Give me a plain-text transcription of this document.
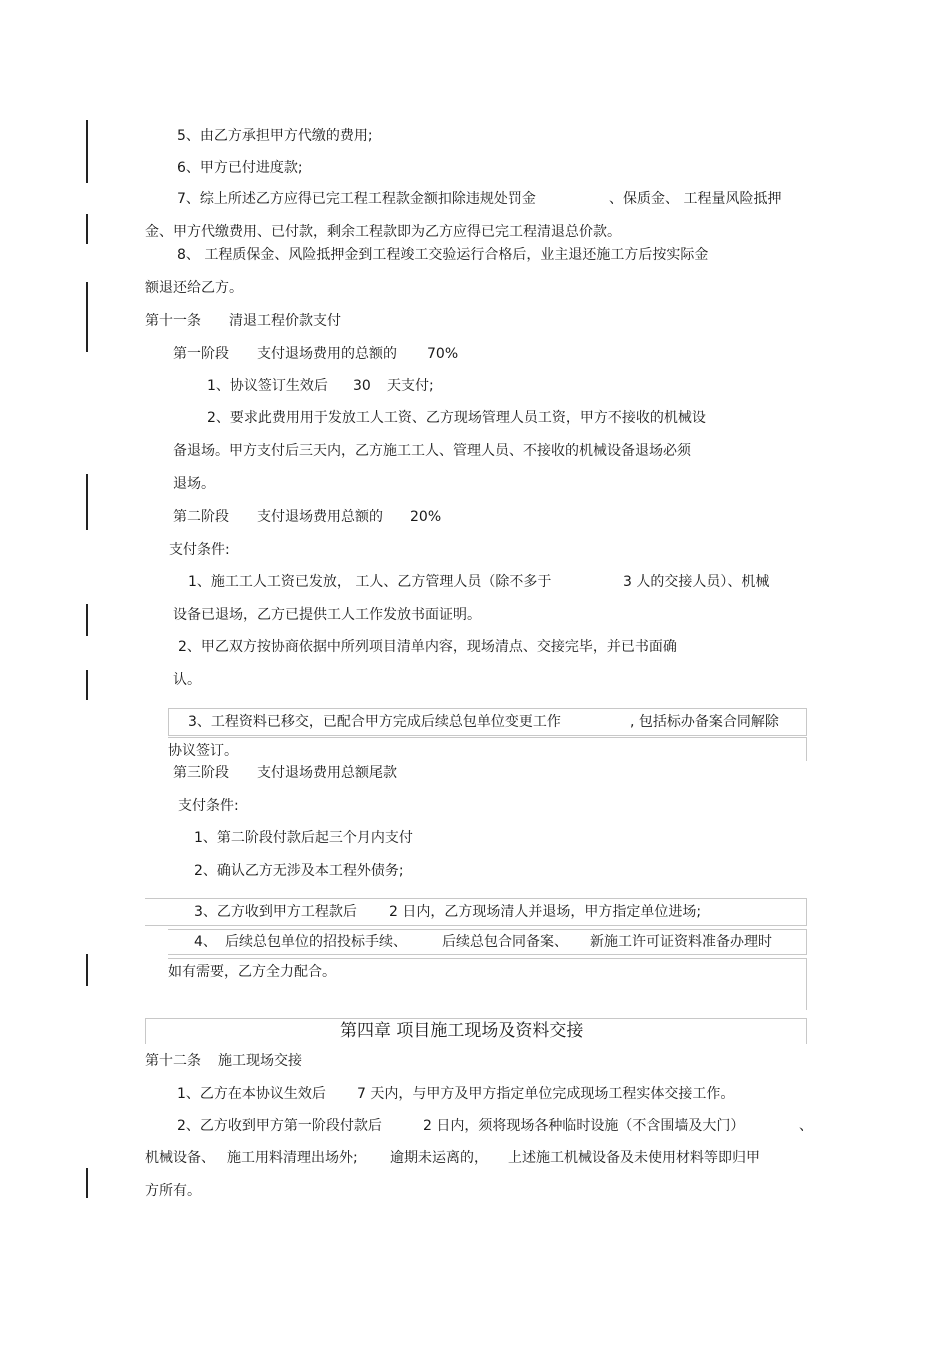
5、由乙方承担甲方代缴的费用;
6、甲方已付进度款;
7、综上所述乙方应得已完工程工程款金额扣除违规处罚金	、保质金、 工程量风险抵押
金、甲方代缴费用、已付款，剩余工程款即为乙方应得已完工程清退总价款。
8、 工程质保金、风险抵押金到工程竣工交验运行合格后，业主退还施工方后按实际金
额退还给乙方。
第十一条 清退工程价款支付
第一阶段 支付退场费用的总额的 70%
1、协议签订生效后 30 天支付;
2、要求此费用用于发放工人工资、乙方现场管理人员工资，甲方不接收的机械设
备退场。甲方支付后三天内，乙方施工工人、管理人员、不接收的机械设备退场必须
退场。
第二阶段 支付退场费用总额的 20%
支付条件:
1、施工工人工资已发放， 工人、乙方管理人员（除不多于	3 人的交接人员）、机械
设备已退场，乙方已提供工人工作发放书面证明。
2、甲乙双方按协商依据中所列项目清单内容，现场清点、交接完毕，并已书面确
认。
3、工程资料已移交，已配合甲方完成后续总包单位变更工作	, 包括标办备案合同解除
协议签订。
第三阶段 支付退场费用总额尾款
支付条件:
1、第二阶段付款后起三个月内支付
2、确认乙方无涉及本工程外债务;
3、乙方收到甲方工程款后 2 日内，乙方现场清人并退场，甲方指定单位进场;
4、 后续总包单位的招投标手续、	后续总包合同备案、 新施工许可证资料准备办理时
如有需要，乙方全力配合。
第四章 项目施工现场及资料交接
第十二条 施工现场交接
1、乙方在本协议生效后 7 天内，与甲方及甲方指定单位完成现场工程实体交接工作。
2、乙方收到甲方第一阶段付款后	2 日内，须将现场各种临时设施（不含围墙及大门）	、
机械设备、 施工用料清理出场外; 逾期未运离的， 上述施工机械设备及未使用材料等即归甲
方所有。
